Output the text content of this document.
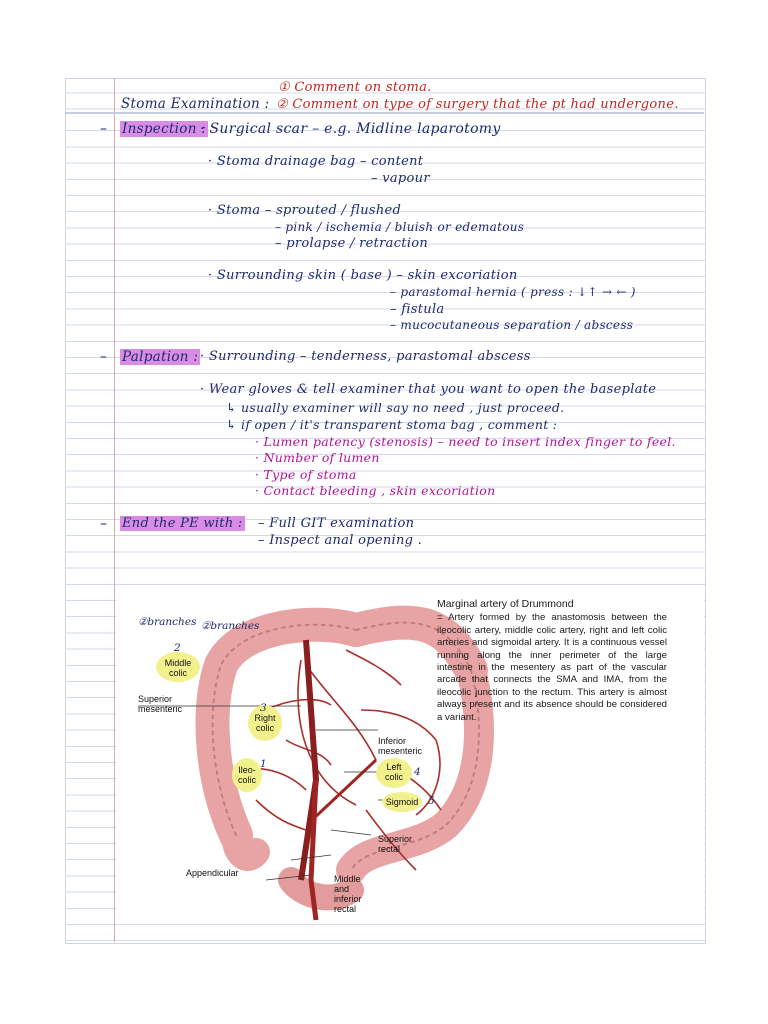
Stoma Examination :
① Comment on stoma.
② Comment on type of surgery that the pt had undergone.
– Inspection :
· Surgical scar – e.g. Midline laparotomy
· Stoma drainage bag – content
– vapour
· Stoma – sprouted / flushed
– pink / ischemia / bluish or edematous
– prolapse / retraction
· Surrounding skin ( base ) – skin excoriation
– parastomal hernia ( press : ↓↑ → ← )
– fistula
– mucocutaneous separation / abscess
– Palpation : · Surrounding – tenderness, parastomal abscess
· Wear gloves & tell examiner that you want to open the baseplate
↳ usually examiner will say no need , just proceed.
↳ if open / it's transparent stoma bag , comment :
· Lumen patency (stenosis) – need to insert index finger to feel.
· Number of lumen
· Type of stoma
· Contact bleeding , skin excoriation
– End the PE with : – Full GIT examination
– Inspect anal opening .
Middle colic
Superior mesenteric
Right colic
Ileo- colic
Inferior mesenteric
Left colic
Sigmoid
Superior rectal
Appendicular
Middle and inferior rectal
②branches ②branches
2
3
1
4
5
Marginal artery of Drummond
= Artery formed by the anastomosis between the ileocolic artery, middle colic artery, right and left colic arteries and sigmoidal artery. It is a continuous vessel running along the inner perimeter of the large intestine in the mesentery as part of the vascular arcade that connects the SMA and IMA, from the ileocolic junction to the rectum. This artery is almost always present and its absence should be considered a variant.
